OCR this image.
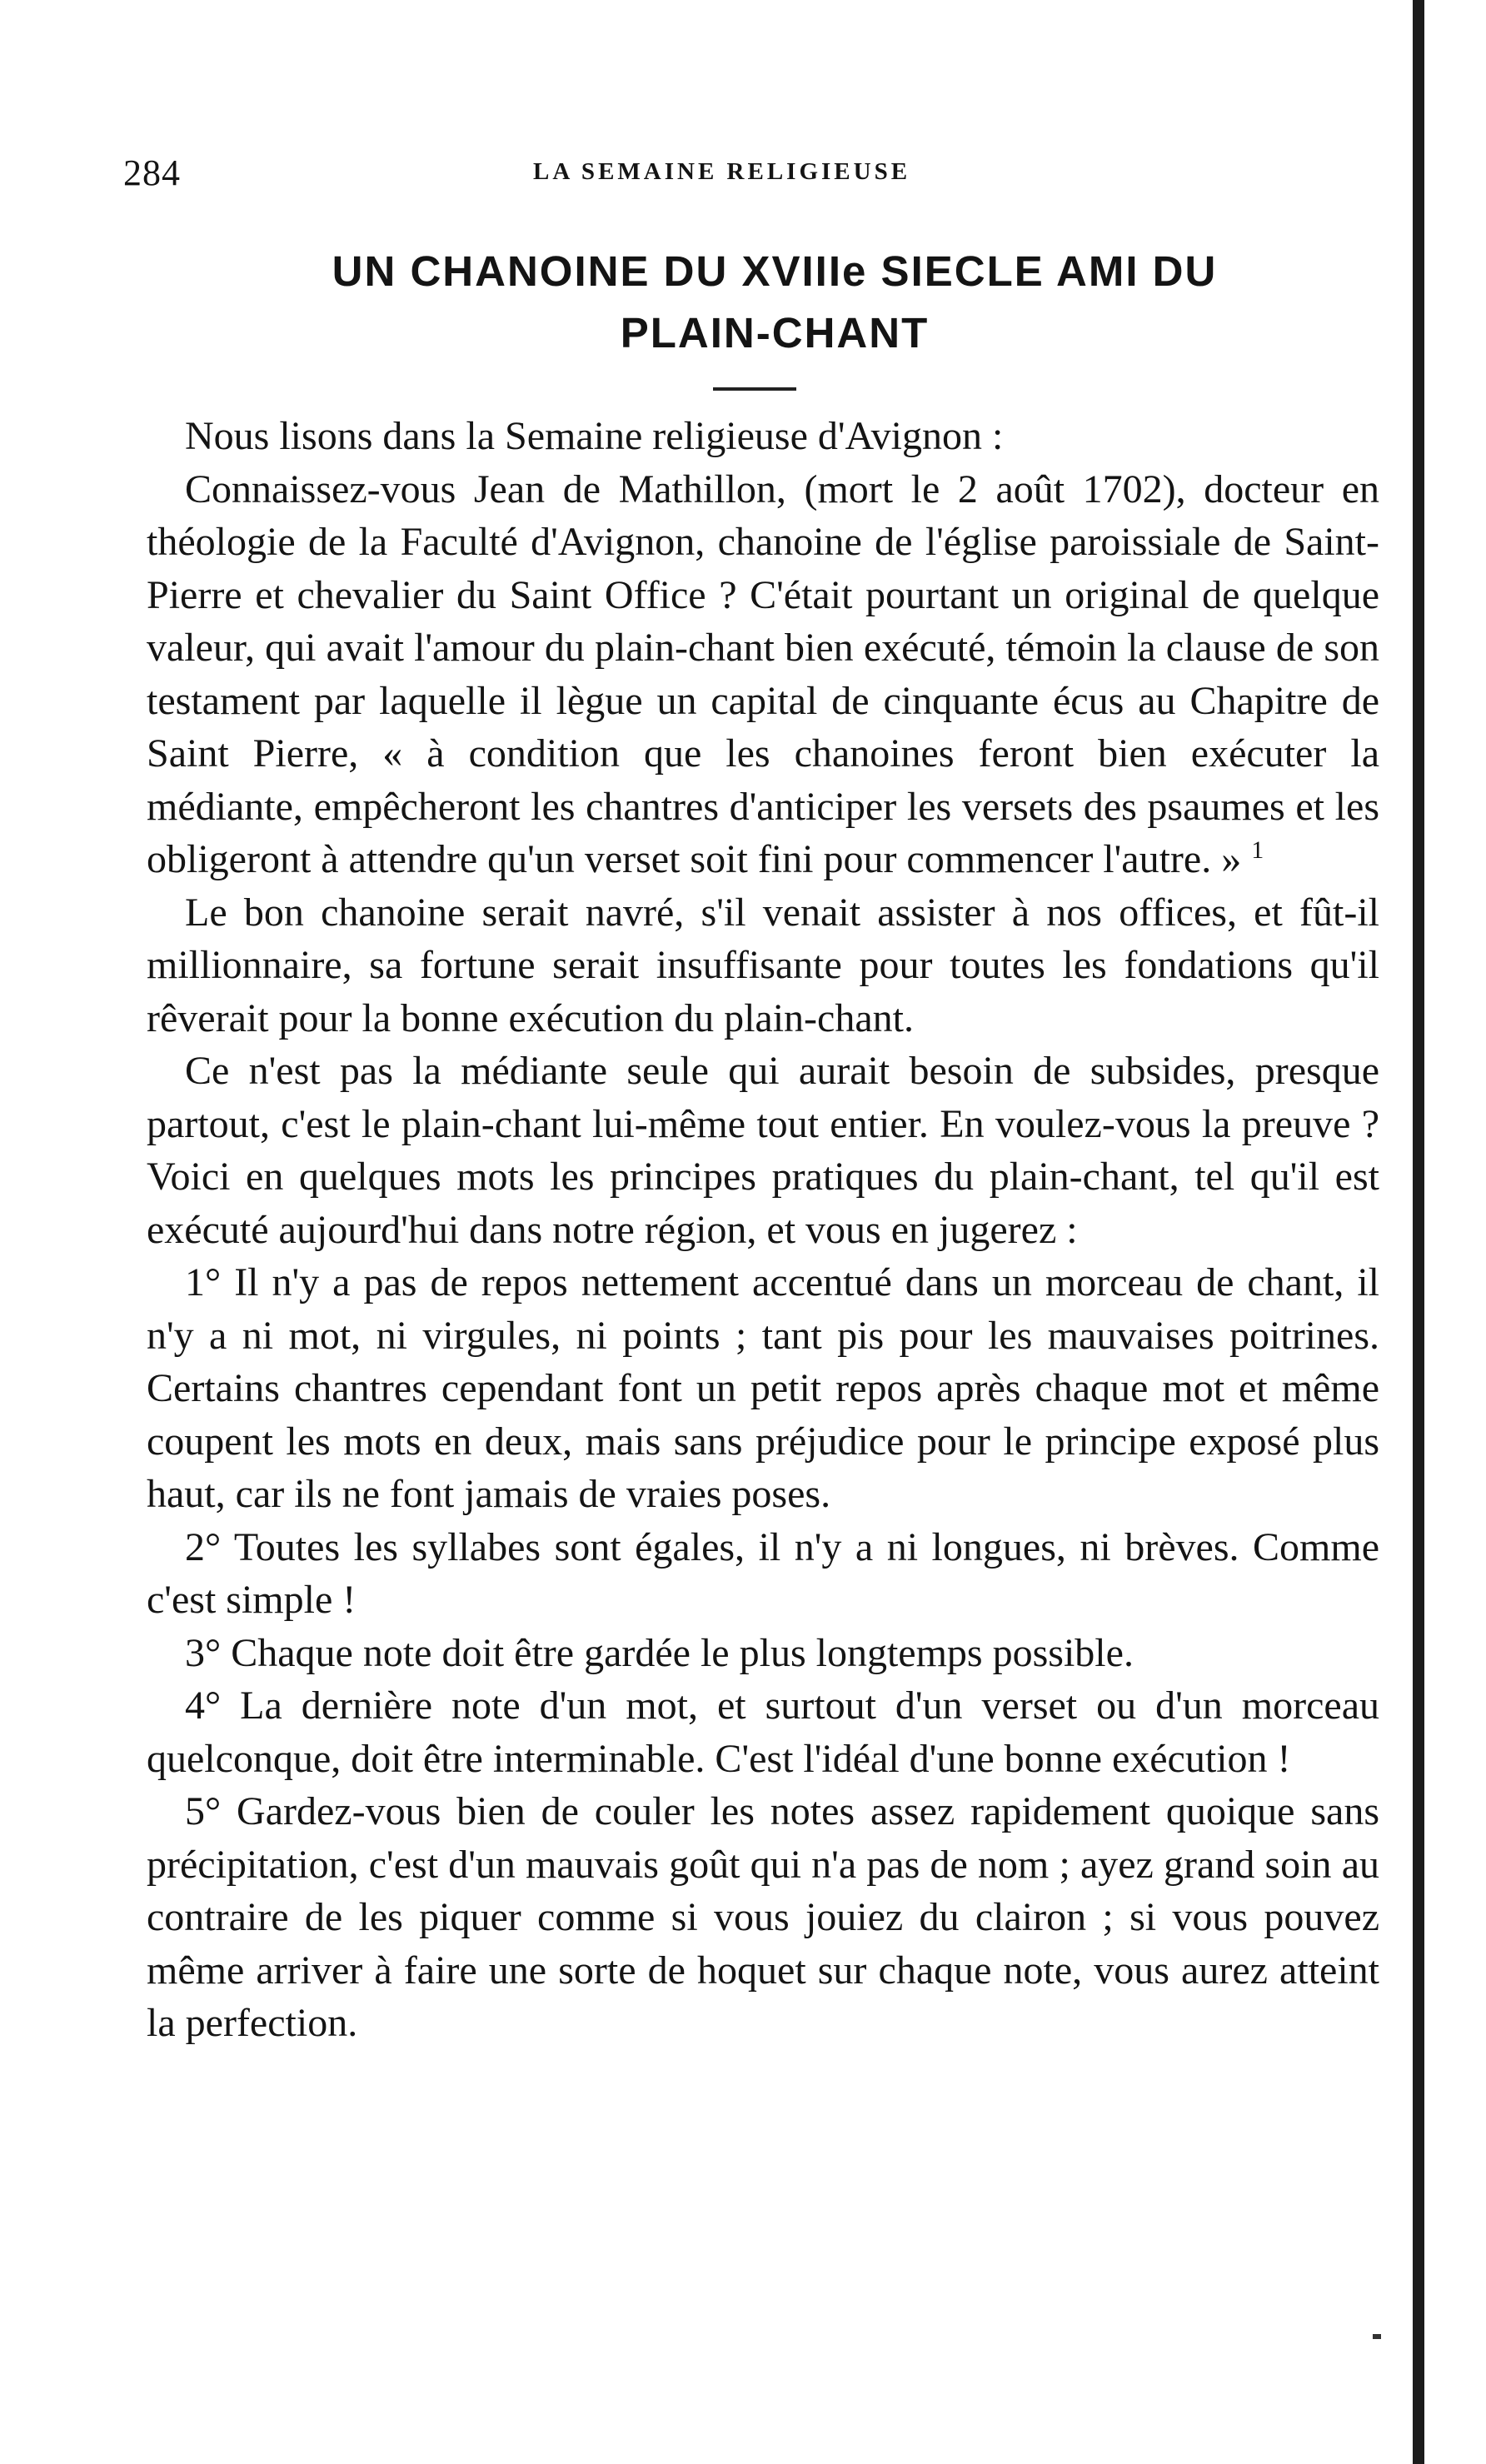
284	LA SEMAINE RELIGIEUSE
UN CHANOINE DU XVIIIe SIECLE AMI DU
PLAIN-CHANT

Nous lisons dans la Semaine religieuse d'Avignon :

Connaissez-vous Jean de Mathillon, (mort le 2 août 1702), docteur en théologie de la Faculté d'Avignon, chanoine de l'église paroissiale de Saint-Pierre et chevalier du Saint Office ? C'était pourtant un original de quelque valeur, qui avait l'amour du plain-chant bien exécuté, témoin la clause de son testament par laquelle il lègue un capital de cinquante écus au Chapitre de Saint Pierre, « à condition que les chanoines feront bien exécuter la médiante, empêcheront les chantres d'anticiper les versets des psaumes et les obligeront à attendre qu'un verset soit fini pour commencer l'autre. » $^1$

Le bon chanoine serait navré, s'il venait assister à nos offices, et fût-il millionnaire, sa fortune serait insuffisante pour toutes les fondations qu'il rêverait pour la bonne exécution du plain-chant.

Ce n'est pas la médiante seule qui aurait besoin de subsides, presque partout, c'est le plain-chant lui-même tout entier. En voulez-vous la preuve ? Voici en quelques mots les principes pratiques du plain-chant, tel qu'il est exécuté aujourd'hui dans notre région, et vous en jugerez :

1° Il n'y a pas de repos nettement accentué dans un morceau de chant, il n'y a ni mot, ni virgules, ni points ; tant pis pour les mauvaises poitrines. Certains chantres cependant font un petit repos après chaque mot et même coupent les mots en deux, mais sans préjudice pour le principe exposé plus haut, car ils ne font jamais de vraies poses.

2° Toutes les syllabes sont égales, il n'y a ni longues, ni brèves. Comme c'est simple !

3° Chaque note doit être gardée le plus longtemps possible.

4° La dernière note d'un mot, et surtout d'un verset ou d'un morceau quelconque, doit être interminable. C'est l'idéal d'une bonne exécution !

5° Gardez-vous bien de couler les notes assez rapidement quoique sans précipitation, c'est d'un mauvais goût qui n'a pas de nom ; ayez grand soin au contraire de les piquer comme si vous jouiez du clairon ; si vous pouvez même arriver à faire une sorte de hoquet sur chaque note, vous aurez atteint la perfection.
